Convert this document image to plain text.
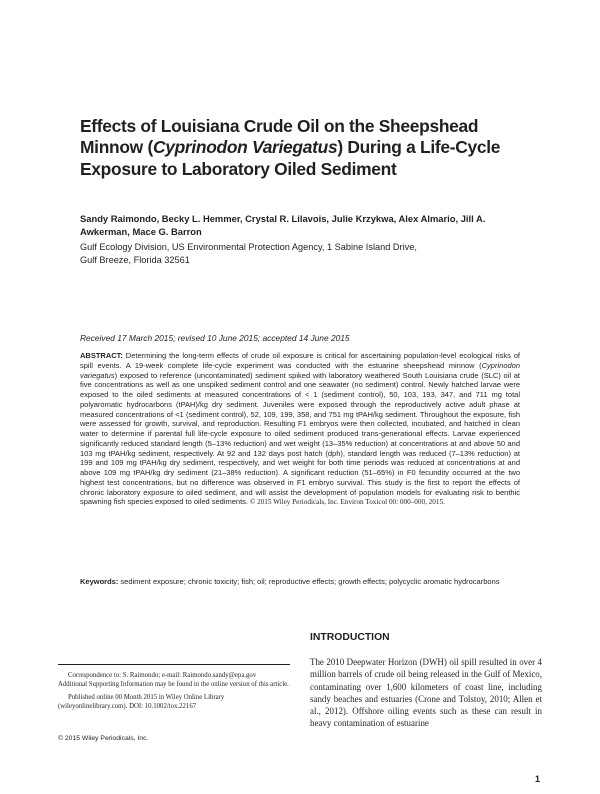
Effects of Louisiana Crude Oil on the Sheepshead Minnow (Cyprinodon Variegatus) During a Life-Cycle Exposure to Laboratory Oiled Sediment

Sandy Raimondo, Becky L. Hemmer, Crystal R. Lilavois, Julie Krzykwa, Alex Almario, Jill A. Awkerman, Mace G. Barron

Gulf Ecology Division, US Environmental Protection Agency, 1 Sabine Island Drive,
Gulf Breeze, Florida 32561

Received 17 March 2015; revised 10 June 2015; accepted 14 June 2015

ABSTRACT: Determining the long-term effects of crude oil exposure is critical for ascertaining population-level ecological risks of spill events. A 19-week complete life-cycle experiment was conducted with the estuarine sheepshead minnow (Cyprinodon variegatus) exposed to reference (uncontaminated) sediment spiked with laboratory weathered South Louisiana crude (SLC) oil at five concentrations as well as one unspiked sediment control and one seawater (no sediment) control. Newly hatched larvae were exposed to the oiled sediments at measured concentrations of < 1 (sediment control), 50, 103, 193, 347, and 711 mg total polyaromatic hydrocarbons (tPAH)/kg dry sediment. Juveniles were exposed through the reproductively active adult phase at measured concentrations of <1 (sediment control), 52, 109, 199, 358, and 751 mg tPAH/kg sediment. Throughout the exposure, fish were assessed for growth, survival, and reproduction. Resulting F1 embryos were then collected, incubated, and hatched in clean water to determine if parental full life-cycle exposure to oiled sediment produced trans-generational effects. Larvae experienced significantly reduced standard length (5–13% reduction) and wet weight (13–35% reduction) at concentrations at and above 50 and 103 mg tPAH/kg sediment, respectively. At 92 and 132 days post hatch (dph), standard length was reduced (7–13% reduction) at 199 and 109 mg tPAH/kg dry sediment, respectively, and wet weight for both time periods was reduced at concentrations at and above 109 mg tPAH/kg dry sediment (21–38% reduction). A significant reduction (51–65%) in F0 fecundity occurred at the two highest test concentrations, but no difference was observed in F1 embryo survival. This study is the first to report the effects of chronic laboratory exposure to oiled sediment, and will assist the development of population models for evaluating risk to benthic spawning fish species exposed to oiled sediments. © 2015 Wiley Periodicals, Inc. Environ Toxicol 00: 000–000, 2015.

Keywords: sediment exposure; chronic toxicity; fish; oil; reproductive effects; growth effects; polycyclic aromatic hydrocarbons

INTRODUCTION

The 2010 Deepwater Horizon (DWH) oil spill resulted in over 4 million barrels of crude oil being released in the Gulf of Mexico, contaminating over 1,600 kilometers of coast line, including sandy beaches and estuaries (Crone and Tolstoy, 2010; Allen et al., 2012). Offshore oiling events such as these can result in heavy contamination of estuarine

Correspondence to: S. Raimondo; e-mail: Raimondo.sandy@epa.gov

Additional Supporting Information may be found in the online version of this article.

Published online 00 Month 2015 in Wiley Online Library (wileyonlinelibrary.com). DOI: 10.1002/tox.22167

© 2015 Wiley Periodicals, Inc.

1
